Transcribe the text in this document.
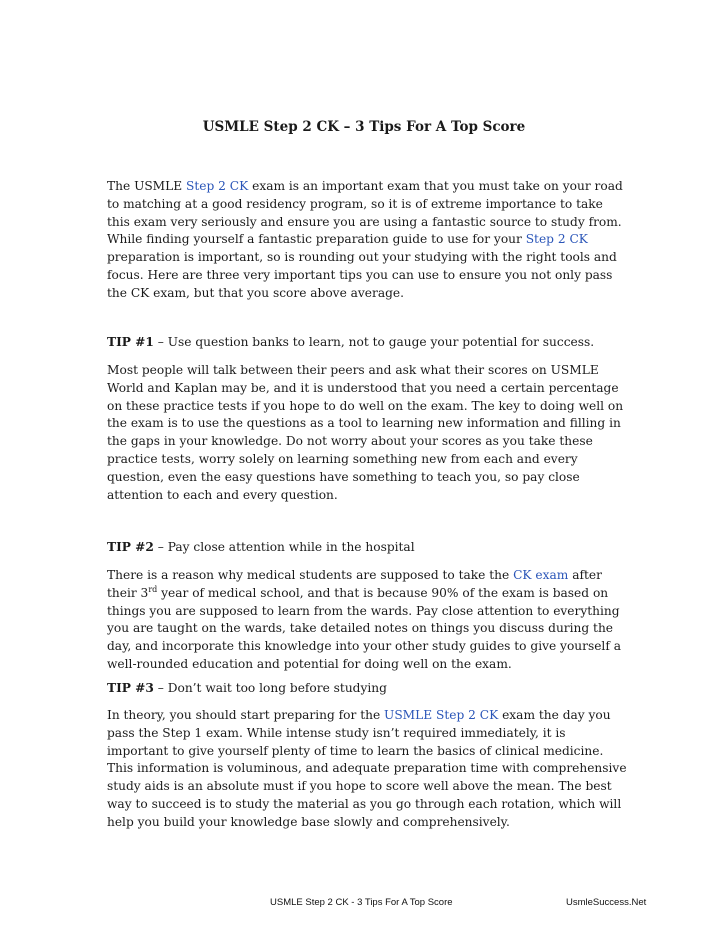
USMLE Step 2 CK – 3 Tips For A Top Score
The USMLE Step 2 CK exam is an important exam that you must take on your road to matching at a good residency program, so it is of extreme importance to take this exam very seriously and ensure you are using a fantastic source to study from. While finding yourself a fantastic preparation guide to use for your Step 2 CK preparation is important, so is rounding out your studying with the right tools and focus. Here are three very important tips you can use to ensure you not only pass the CK exam, but that you score above average.
TIP #1 – Use question banks to learn, not to gauge your potential for success.
Most people will talk between their peers and ask what their scores on USMLE World and Kaplan may be, and it is understood that you need a certain percentage on these practice tests if you hope to do well on the exam. The key to doing well on the exam is to use the questions as a tool to learning new information and filling in the gaps in your knowledge. Do not worry about your scores as you take these practice tests, worry solely on learning something new from each and every question, even the easy questions have something to teach you, so pay close attention to each and every question.
TIP #2 – Pay close attention while in the hospital
There is a reason why medical students are supposed to take the CK exam after their 3rd year of medical school, and that is because 90% of the exam is based on things you are supposed to learn from the wards. Pay close attention to everything you are taught on the wards, take detailed notes on things you discuss during the day, and incorporate this knowledge into your other study guides to give yourself a well-rounded education and potential for doing well on the exam.
TIP #3 – Don’t wait too long before studying
In theory, you should start preparing for the USMLE Step 2 CK exam the day you pass the Step 1 exam. While intense study isn’t required immediately, it is important to give yourself plenty of time to learn the basics of clinical medicine. This information is voluminous, and adequate preparation time with comprehensive study aids is an absolute must if you hope to score well above the mean. The best way to succeed is to study the material as you go through each rotation, which will help you build your knowledge base slowly and comprehensively.
USMLE Step 2 CK - 3 Tips For A Top Score	UsmleSuccess.Net
